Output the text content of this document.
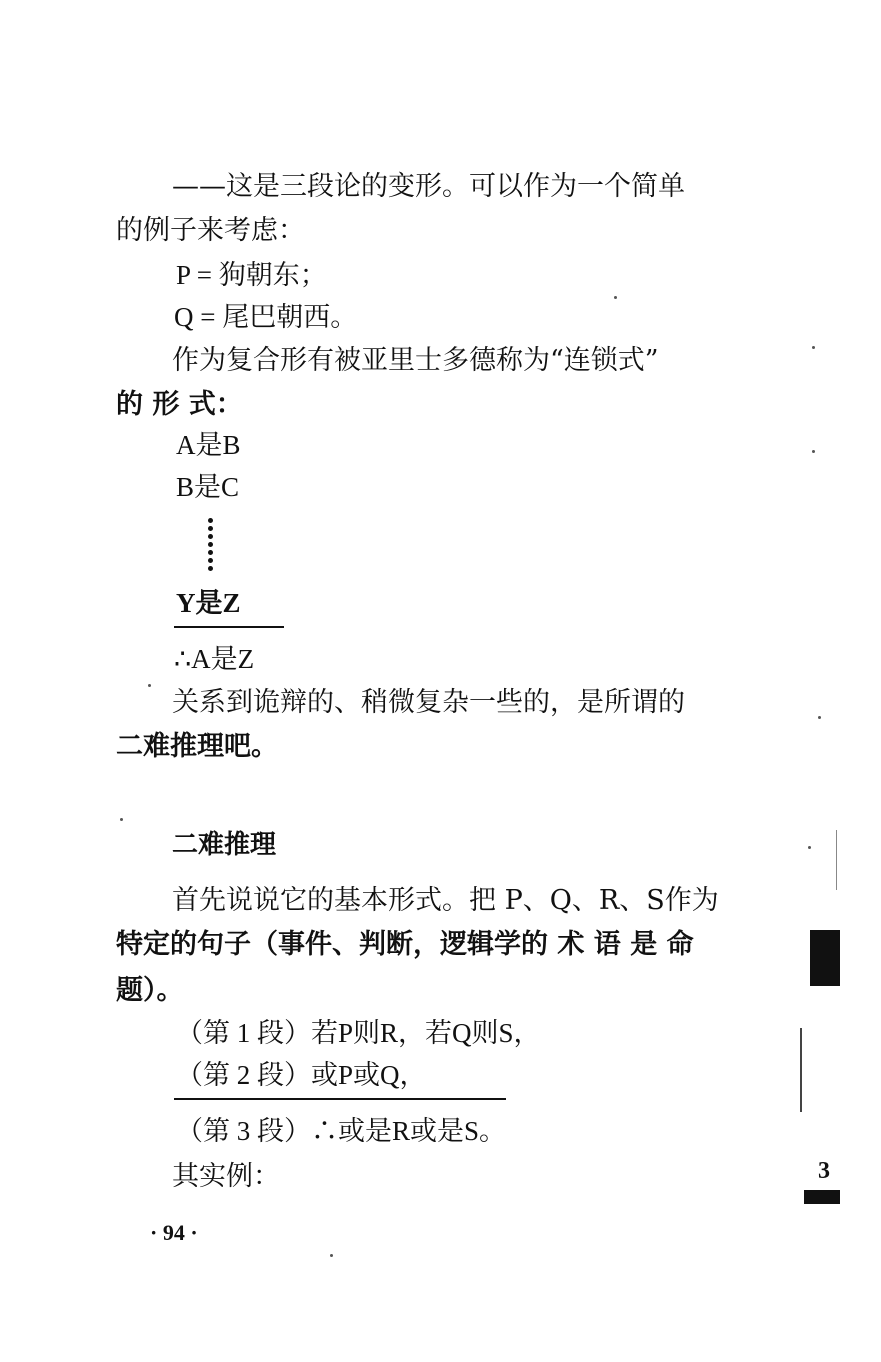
——这是三段论的变形。可以作为一个简单
的例子来考虑：
P = 狗朝东；
Q = 尾巴朝西。
作为复合形有被亚里士多德称为“连锁式”
的 形 式：
A是B
B是C
Y是Z
∴A是Z
关系到诡辩的、稍微复杂一些的，是所谓的
二难推理吧。
二难推理
首先说说它的基本形式。把 P、Q、R、S作为
特定的句子（事件、判断，逻辑学的 术 语 是 命
题）。
（第 1 段）若P则R，若Q则S，
（第 2 段）或P或Q，
（第 3 段）∴或是R或是S。
其实例：
· 94 ·
3
